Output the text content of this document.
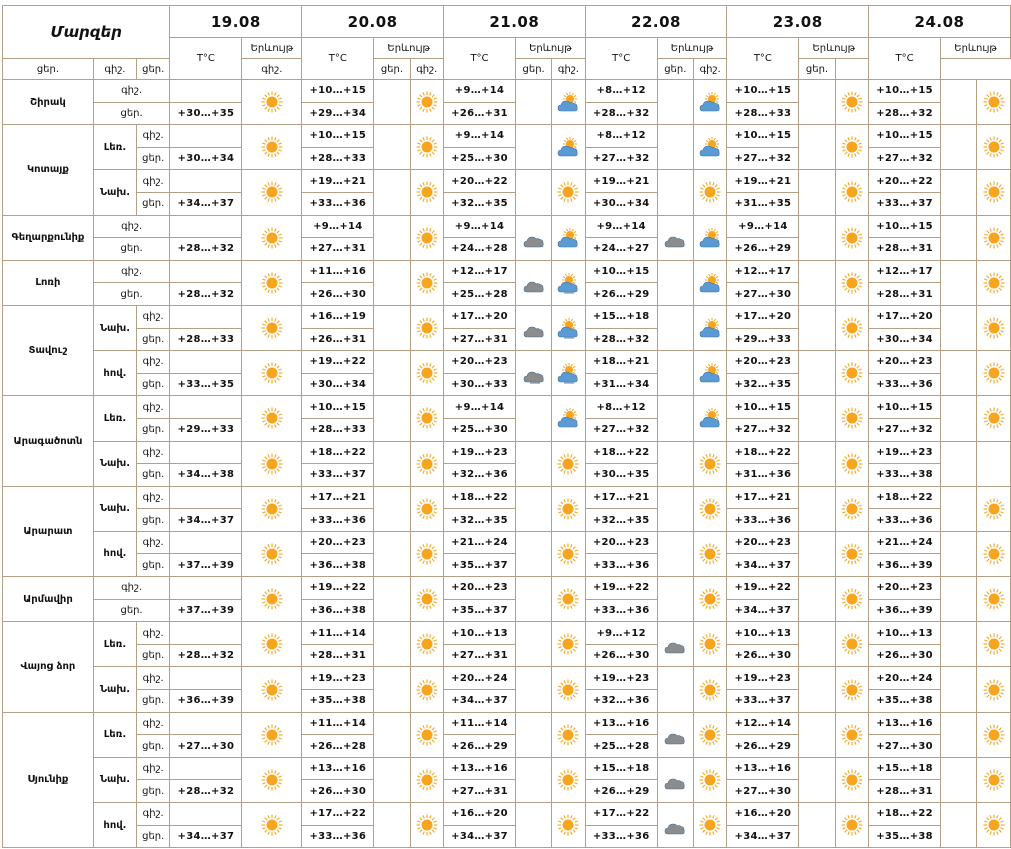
Մարզեր			19.08		20.08			21.08			22.08			23.08			24.08		
			T°C	Երևույթ	T°C	Երևույթ		T°C	Երևույթ		T°C	Երևույթ		T°C	Երևույթ		T°C	Երևույթ	
ցեր.	գիշ.	ցեր.		գիշ.		ցեր.	գիշ.		ցեր.	գիշ.		ցեր.	գիշ.		ցեր.				
Շիրակ	գիշ.				+10…+15			+9…+14			+8…+12			+10…+15			+10…+15	

	ցեր.		+30…+35		+29…+34			+26…+31			+28…+32			+28…+33			+28…+32		
Կոտայք	Լեռ.	գիշ.			+10…+15			+9…+14			+8…+12			+10…+15			+10…+15	

		ցեր.	+30…+34		+28…+33			+25…+30			+27…+32			+27…+32			+27…+32		
	Նախ.	գիշ.			+19…+21			+20…+22			+19…+21			+19…+21			+20…+22	

		ցեր.	+34…+37		+33…+36			+32…+35			+30…+34			+31…+35			+33…+37		
Գեղարքունիք	գիշ.				+9…+14			+9…+14			+9…+14			+9…+14			+10…+15	

	ցեր.		+28…+32		+27…+31			+24…+28			+24…+27			+26…+29			+28…+31		
Լոռի	գիշ.				+11…+16			+12…+17			+10…+15			+12…+17			+12…+17	

	ցեր.		+28…+32		+26…+30			+25…+28			+26…+29			+27…+30			+28…+31		
Տավուշ	Նախ.	գիշ.			+16…+19			+17…+20			+15…+18			+17…+20			+17…+20	

		ցեր.	+28…+33		+26…+31			+27…+31			+28…+32			+29…+33			+30…+34		
	հով.	գիշ.			+19…+22			+20…+23			+18…+21			+20…+23			+20…+23	

		ցեր.	+33…+35		+30…+34			+30…+33			+31…+34			+32…+35			+33…+36		
Արագածոտն	Լեռ.	գիշ.			+10…+15			+9…+14			+8…+12			+10…+15			+10…+15	

		ցեր.	+29…+33		+28…+33			+25…+30			+27…+32			+27…+32			+27…+32		
	Նախ.	գիշ.			+18…+22			+19…+23			+18…+22			+18…+22			+19…+23	

		ցեր.	+34…+38		+33…+37			+32…+36			+30…+35			+31…+36			+33…+38		
Արարատ	Նախ.	գիշ.			+17…+21			+18…+22			+17…+21			+17…+21			+18…+22	

		ցեր.	+34…+37		+33…+36			+32…+35			+32…+35			+33…+36			+33…+36		
	հով.	գիշ.			+20…+23			+21…+24			+20…+23			+20…+23			+21…+24	

		ցեր.	+37…+39		+36…+38			+35…+37			+33…+36			+34…+37			+36…+39		
Արմավիր	գիշ.				+19…+22			+20…+23			+19…+22			+19…+22			+20…+23	

	ցեր.		+37…+39		+36…+38			+35…+37			+33…+36			+34…+37			+36…+39		
Վայոց ձոր	Լեռ.	գիշ.			+11…+14			+10…+13			+9…+12			+10…+13			+10…+13	

		ցեր.	+28…+32		+28…+31			+27…+31			+26…+30			+26…+30			+26…+30		
	Նախ.	գիշ.			+19…+23			+20…+24			+19…+23			+19…+23			+20…+24	

		ցեր.	+36…+39		+35…+38			+34…+37			+32…+36			+33…+37			+35…+38		
Սյունիք	Լեռ.	գիշ.			+11…+14			+11…+14			+13…+16			+12…+14			+13…+16	

		ցեր.	+27…+30		+26…+28			+26…+29			+25…+28			+26…+29			+27…+30		
	Նախ.	գիշ.			+13…+16			+13…+16			+15…+18			+13…+16			+15…+18	

		ցեր.	+28…+32		+26…+30			+27…+31			+26…+29			+27…+30			+28…+31		
	հով.	գիշ.			+17…+22			+16…+20			+17…+22			+16…+20			+18…+22	

		ցեր.	+34…+37		+33…+36			+34…+37			+33…+36			+34…+37			+35…+38		
